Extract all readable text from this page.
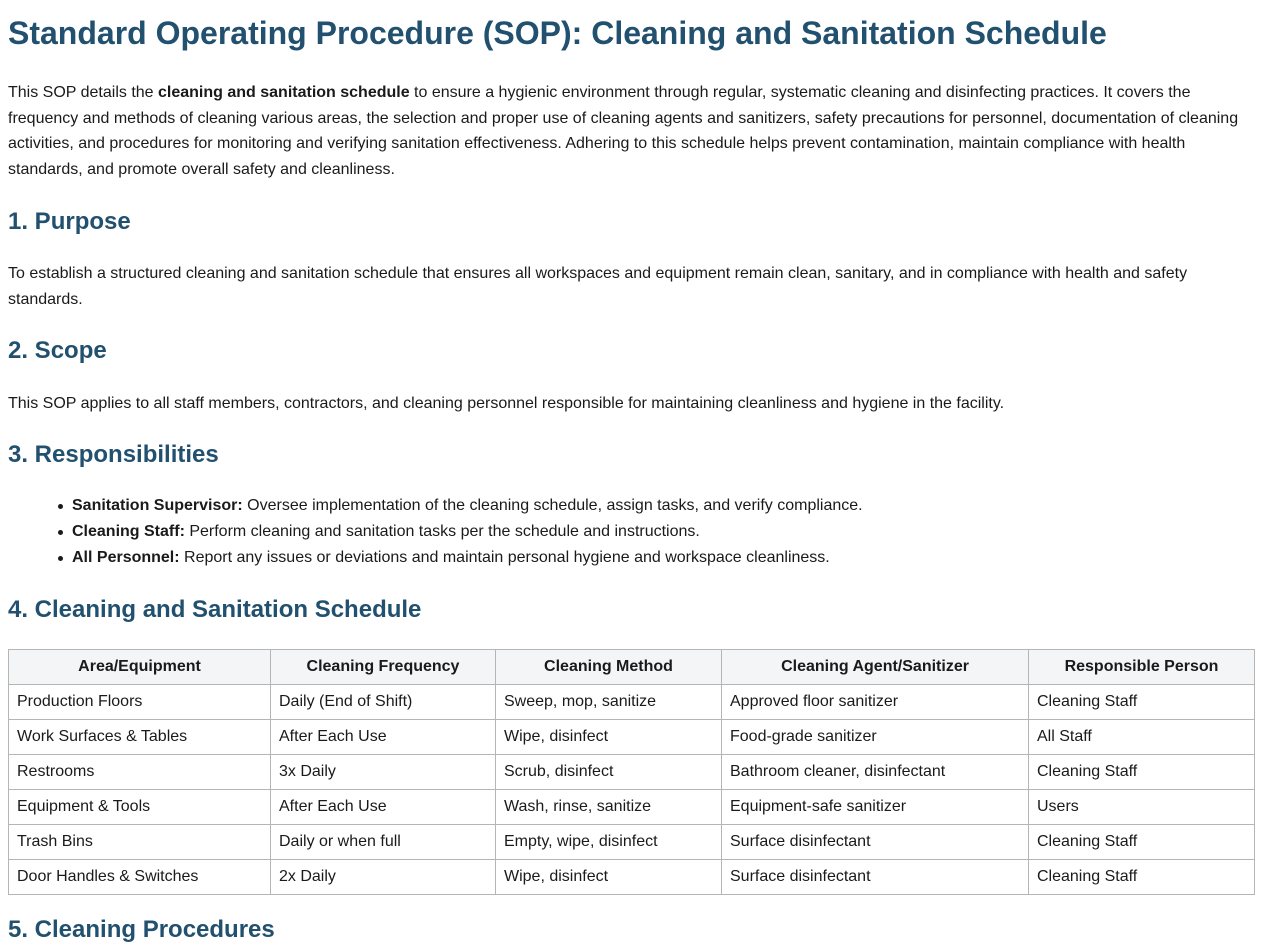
Standard Operating Procedure (SOP): Cleaning and Sanitation Schedule

This SOP details the cleaning and sanitation schedule to ensure a hygienic environment through regular, systematic cleaning and disinfecting practices. It covers the frequency and methods of cleaning various areas, the selection and proper use of cleaning agents and sanitizers, safety precautions for personnel, documentation of cleaning activities, and procedures for monitoring and verifying sanitation effectiveness. Adhering to this schedule helps prevent contamination, maintain compliance with health standards, and promote overall safety and cleanliness.

1. Purpose

To establish a structured cleaning and sanitation schedule that ensures all workspaces and equipment remain clean, sanitary, and in compliance with health and safety standards.

2. Scope

This SOP applies to all staff members, contractors, and cleaning personnel responsible for maintaining cleanliness and hygiene in the facility.

3. Responsibilities
Sanitation Supervisor: Oversee implementation of the cleaning schedule, assign tasks, and verify compliance.
Cleaning Staff: Perform cleaning and sanitation tasks per the schedule and instructions.
All Personnel: Report any issues or deviations and maintain personal hygiene and workspace cleanliness.
4. Cleaning and Sanitation Schedule
Area/Equipment	Cleaning Frequency	Cleaning Method	Cleaning Agent/Sanitizer	Responsible Person
Production Floors	Daily (End of Shift)	Sweep, mop, sanitize	Approved floor sanitizer	Cleaning Staff
Work Surfaces & Tables	After Each Use	Wipe, disinfect	Food-grade sanitizer	All Staff
Restrooms	3x Daily	Scrub, disinfect	Bathroom cleaner, disinfectant	Cleaning Staff
Equipment & Tools	After Each Use	Wash, rinse, sanitize	Equipment-safe sanitizer	Users
Trash Bins	Daily or when full	Empty, wipe, disinfect	Surface disinfectant	Cleaning Staff
Door Handles & Switches	2x Daily	Wipe, disinfect	Surface disinfectant	Cleaning Staff
5. Cleaning Procedures
